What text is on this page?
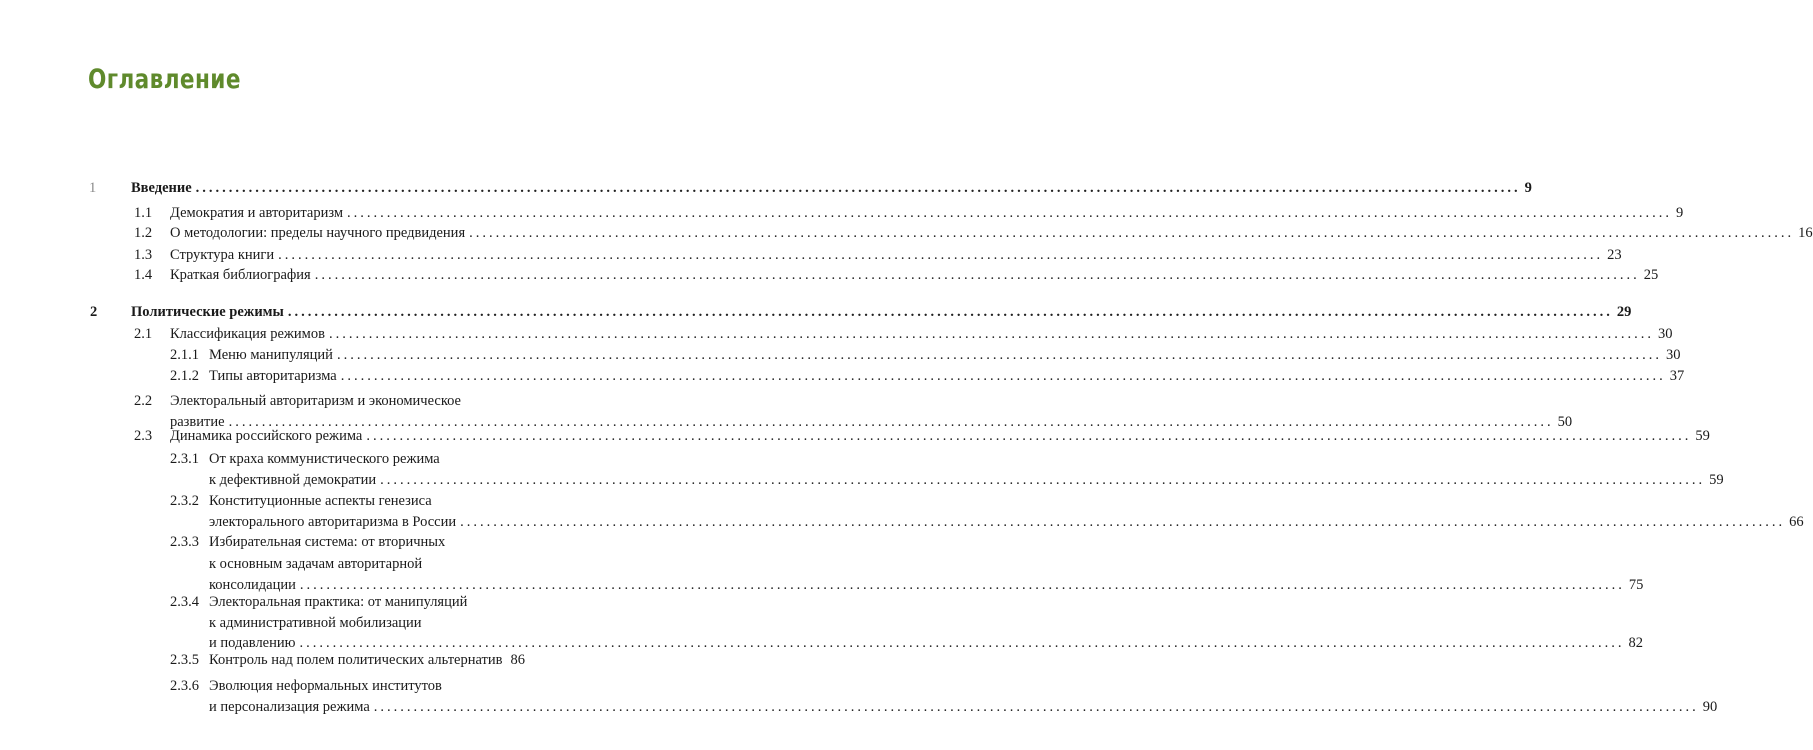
Оглавление
1 Введение ........................................................................................................................................................................................................ 9
1.1 Демократия и авторитаризм ........................................................................................................................................................................................................ 9
1.2 О методологии: пределы научного предвидения ........................................................................................................................................................................................................ 16
1.3 Структура книги ........................................................................................................................................................................................................ 23
1.4 Краткая библиография ........................................................................................................................................................................................................ 25
2 Политические режимы ........................................................................................................................................................................................................ 29
2.1 Классификация режимов ........................................................................................................................................................................................................ 30
2.1.1 Меню манипуляций ........................................................................................................................................................................................................ 30
2.1.2 Типы авторитаризма ........................................................................................................................................................................................................ 37
2.2 Электоральный авторитаризм и экономическое
развитие ........................................................................................................................................................................................................ 50
2.3 Динамика российского режима ........................................................................................................................................................................................................ 59
2.3.1 От краха коммунистического режима
к дефективной демократии ........................................................................................................................................................................................................ 59
2.3.2 Конституционные аспекты генезиса
электорального авторитаризма в России ........................................................................................................................................................................................................ 66
2.3.3 Избирательная система: от вторичных
к основным задачам авторитарной
консолидации ........................................................................................................................................................................................................ 75
2.3.4 Электоральная практика: от манипуляций
к административной мобилизации
и подавлению ........................................................................................................................................................................................................ 82
2.3.5 Контроль над полем политических альтернатив 86
2.3.6 Эволюция неформальных институтов
и персонализация режима ........................................................................................................................................................................................................ 90
